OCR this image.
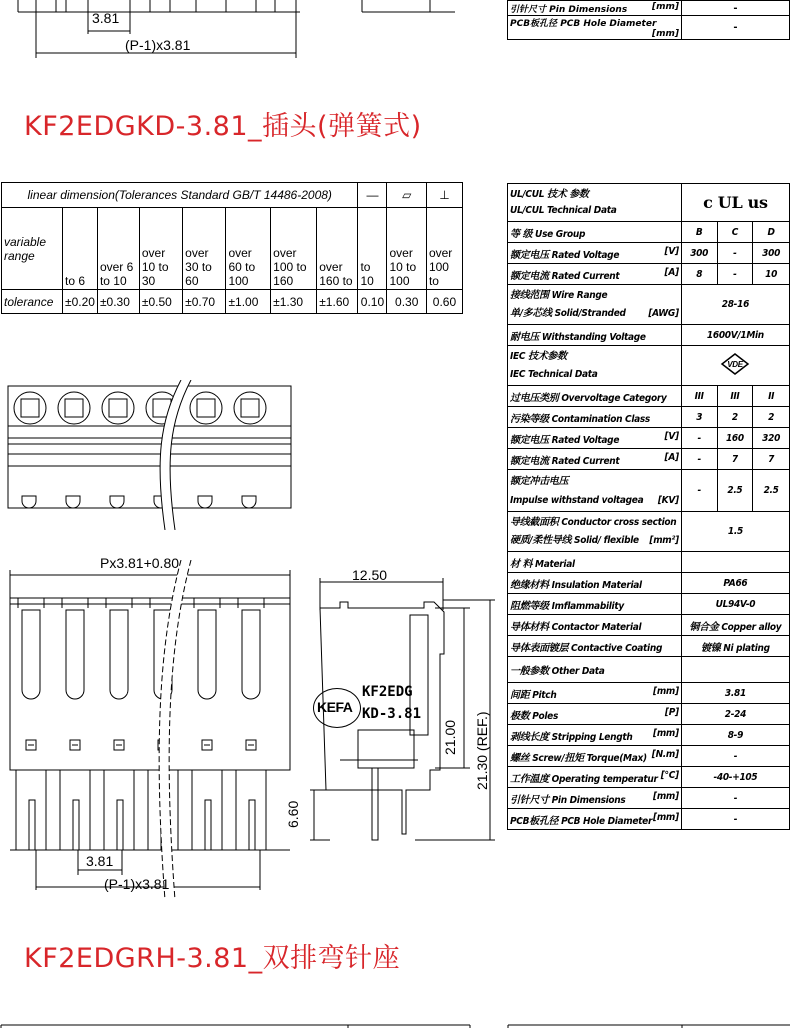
3.81
(P-1)x3.81
引针尺寸 Pin Dimensions [mm]	-
PCB板孔径 PCB Hole Diameter
[mm]	-
KF2EDGKD-3.81_插头(弹簧式)
linear dimension(Tolerances Standard GB/T 14486-2008)								—	⏥	⊥
variable range	to 6	over 6 to 10	over 10 to 30	over 30 to 60	over 60 to 100	over 100 to 160	over 160 to	to 10	over 10 to 100	over 100 to
tolerance	±0.20	±0.30	±0.50	±0.70	±1.00	±1.30	±1.60	0.10	0.30	0.60
Px3.81+0.80
3.81
(P-1)x3.81
12.50
KEFA
KF2EDG
KD-3.81
21.00 21.30 (REF.)
6.60
UL/CUL 技术 参数
UL/CUL Technical Data	c UL us		
等 级 Use Group	B	C	D
额定电压 Rated Voltage [V]	300	-	300
额定电流 Rated Current [A]	8	-	10

接线范围 Wire Range
单/多芯线 Solid/Stranded [AWG]	28-16		
耐电压 Withstanding Voltage	1600V/1Min		

IEC 技术参数
IEC Technical Data	VDE		

过电压类别 Overvoltage Category	III	III	II
污染等级 Contamination Class	3	2	2
额定电压 Rated Voltage [V]	-	160	320
额定电流 Rated Current [A]	-	7	7

额定冲击电压
Impulse withstand voltagea [KV]	-	2.5	2.5

导线截面积 Conductor cross section
硬质/柔性导线 Solid/ flexible [mm²]	1.5		
材 料 Material			
绝缘材料 Insulation Material	PA66		
阻燃等级 Imflammability	UL94V-0		
导体材料 Contactor Material	铜合金 Copper alloy		
导体表面镀层 Contactive Coating	镀镍 Ni plating		
一般参数 Other Data			
间距 Pitch [mm]	3.81		
极数 Poles [P]	2-24		
剥线长度 Stripping Length [mm]	8-9		
螺丝 Screw/扭矩 Torque(Max) [N.m]	-		
工作温度 Operating temperatur [°C]	-40-+105		
引针尺寸 Pin Dimensions [mm]	-		
PCB板孔径 PCB Hole Diameter [mm]	-		
KF2EDGRH-3.81_双排弯针座
